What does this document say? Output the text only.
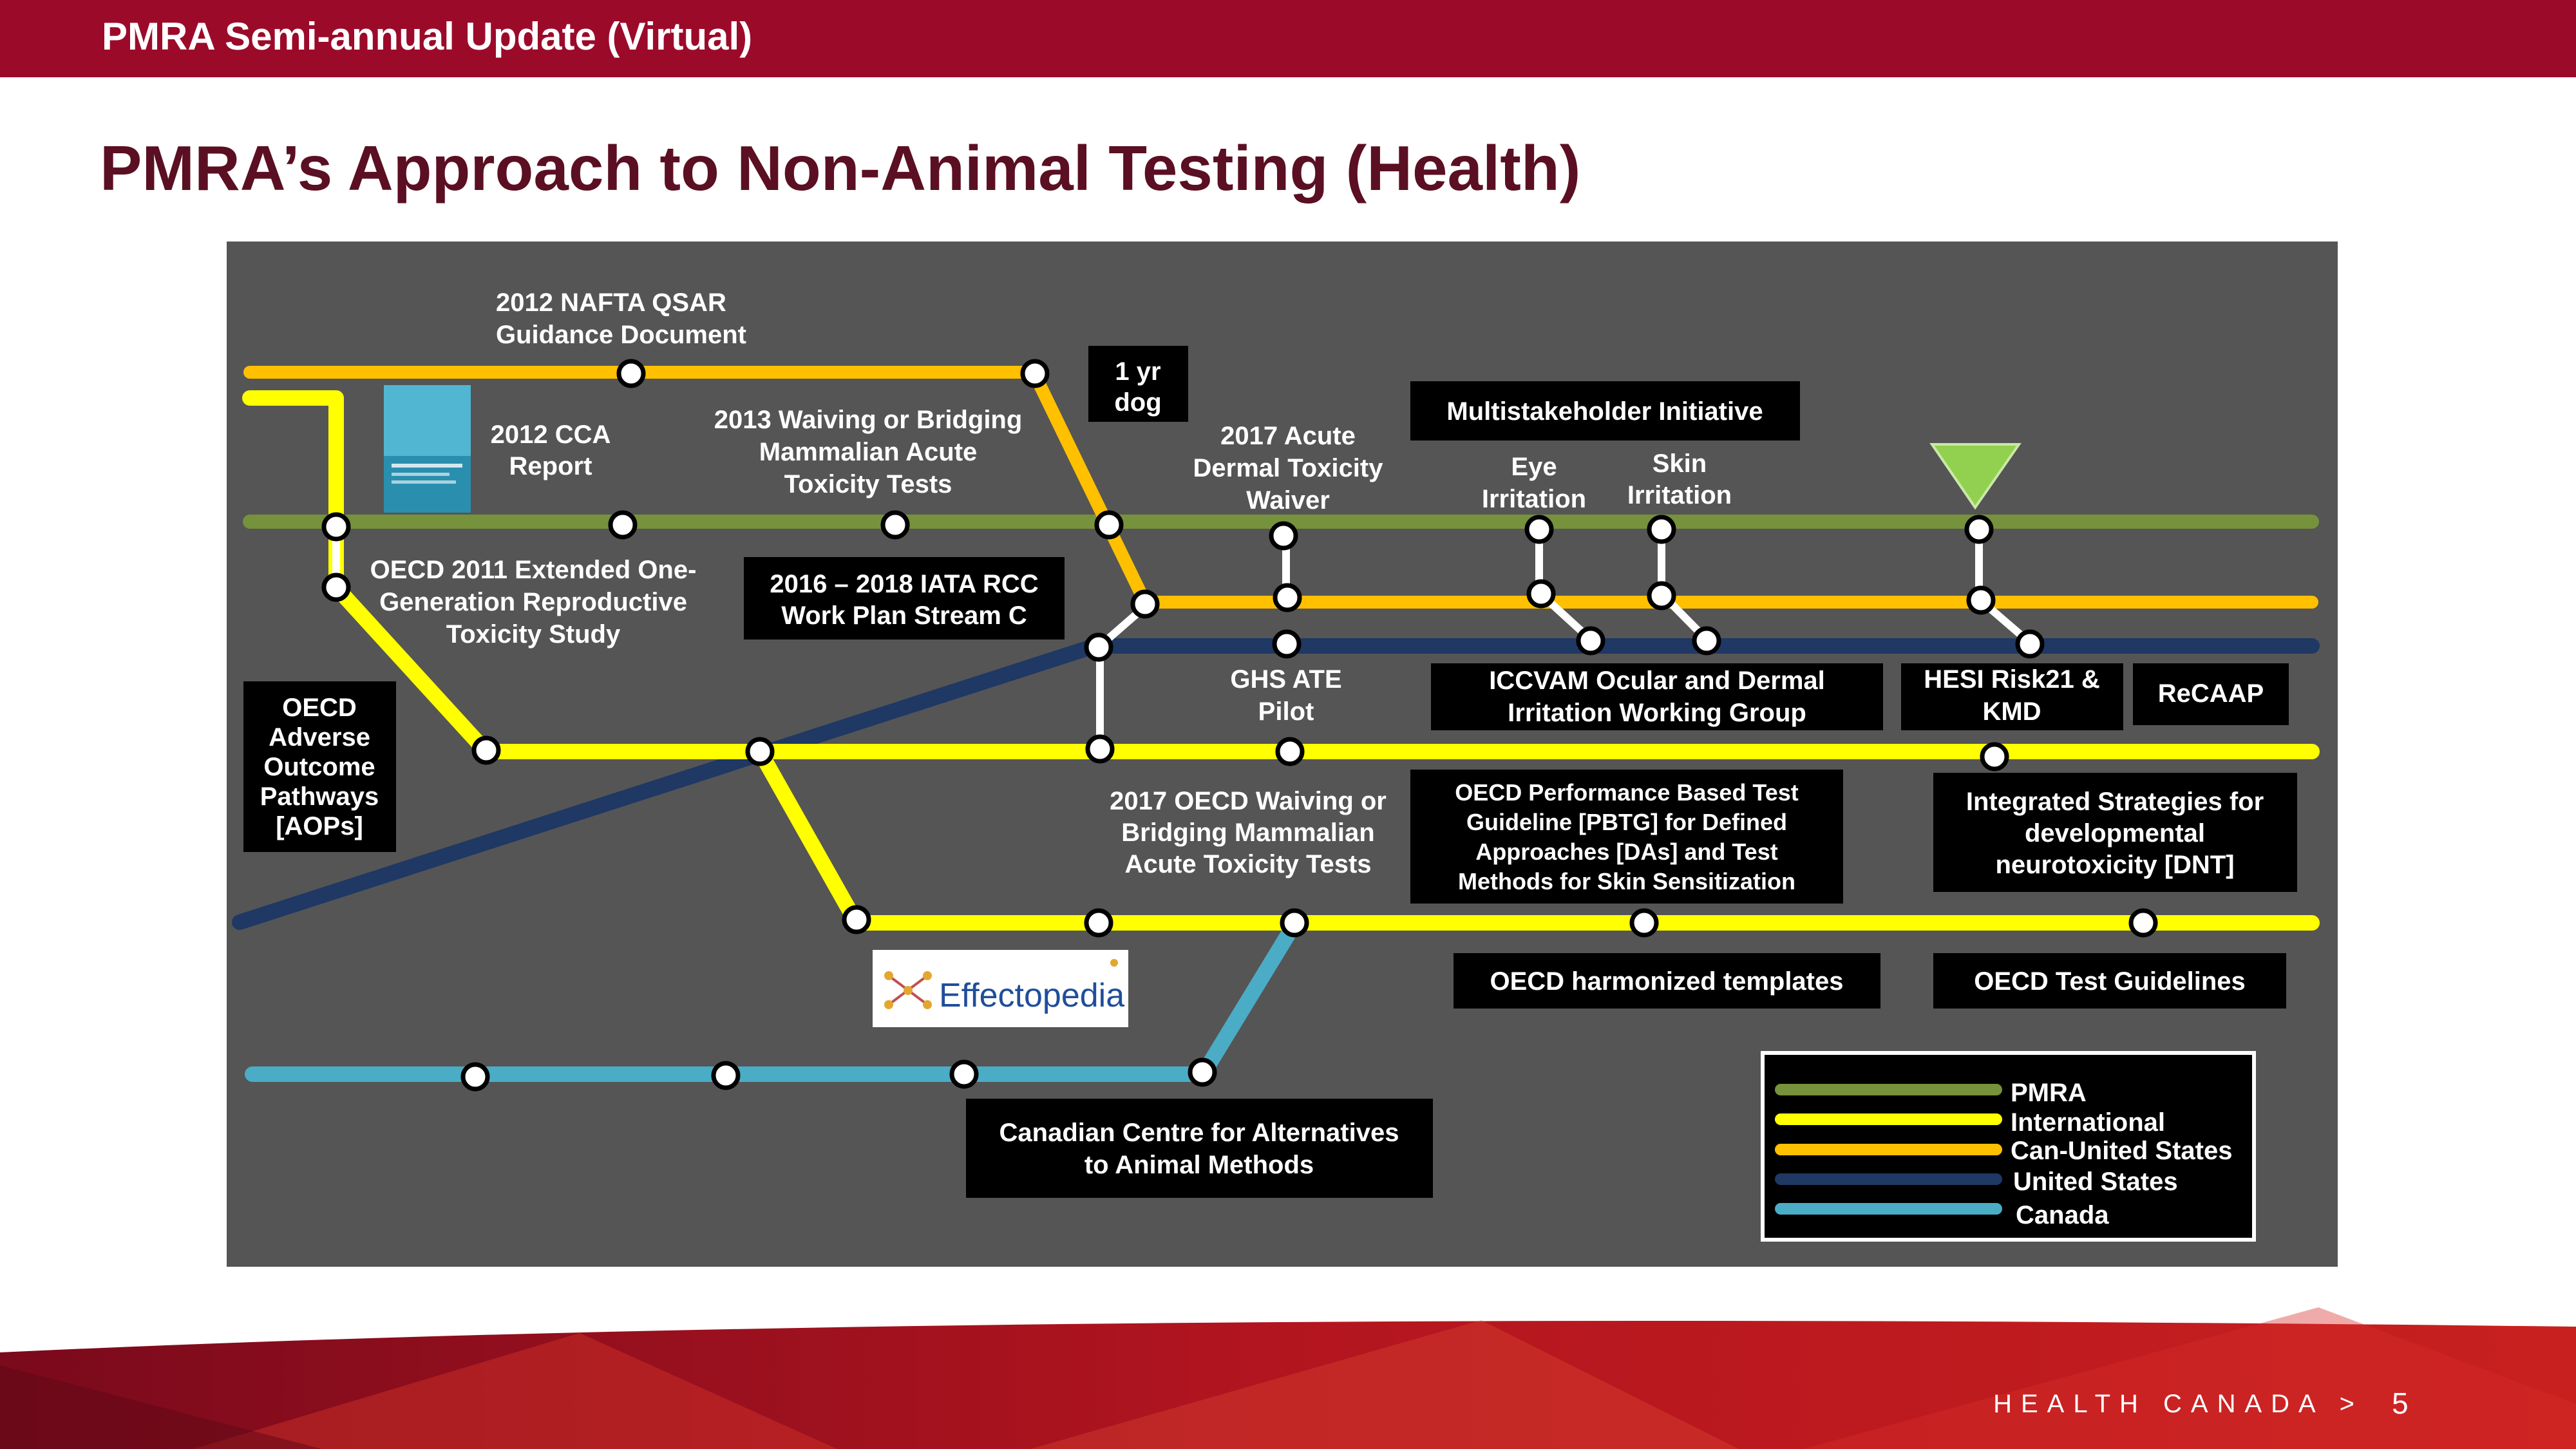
PMRA Semi-annual Update (Virtual)
PMRA’s Approach to Non-Animal Testing (Health)
Effectopedia
2012 NAFTA QSAR
Guidance Document
2012 CCA
Report
2013 Waiving or Bridging
Mammalian Acute
Toxicity Tests
1 yr
dog
2017 Acute
Dermal Toxicity
Waiver
Multistakeholder Initiative
Eye
Irritation
Skin
Irritation
OECD 2011 Extended One-
Generation Reproductive
Toxicity Study
2016 – 2018 IATA RCC
Work Plan Stream C
GHS ATE
Pilot
ICCVAM Ocular and Dermal
Irritation Working Group
HESI Risk21 &
KMD
ReCAAP
OECD
Adverse
Outcome
Pathways
[AOPs]
2017 OECD Waiving or
Bridging Mammalian
Acute Toxicity Tests
OECD Performance Based Test
Guideline [PBTG] for Defined
Approaches [DAs] and Test
Methods for Skin Sensitization
Integrated Strategies for
developmental
neurotoxicity [DNT]
OECD harmonized templates	OECD Test Guidelines
Canadian Centre for Alternatives
to Animal Methods
PMRA
International
Can-United States
United States
Canada
HEALTH CANADA > 5
